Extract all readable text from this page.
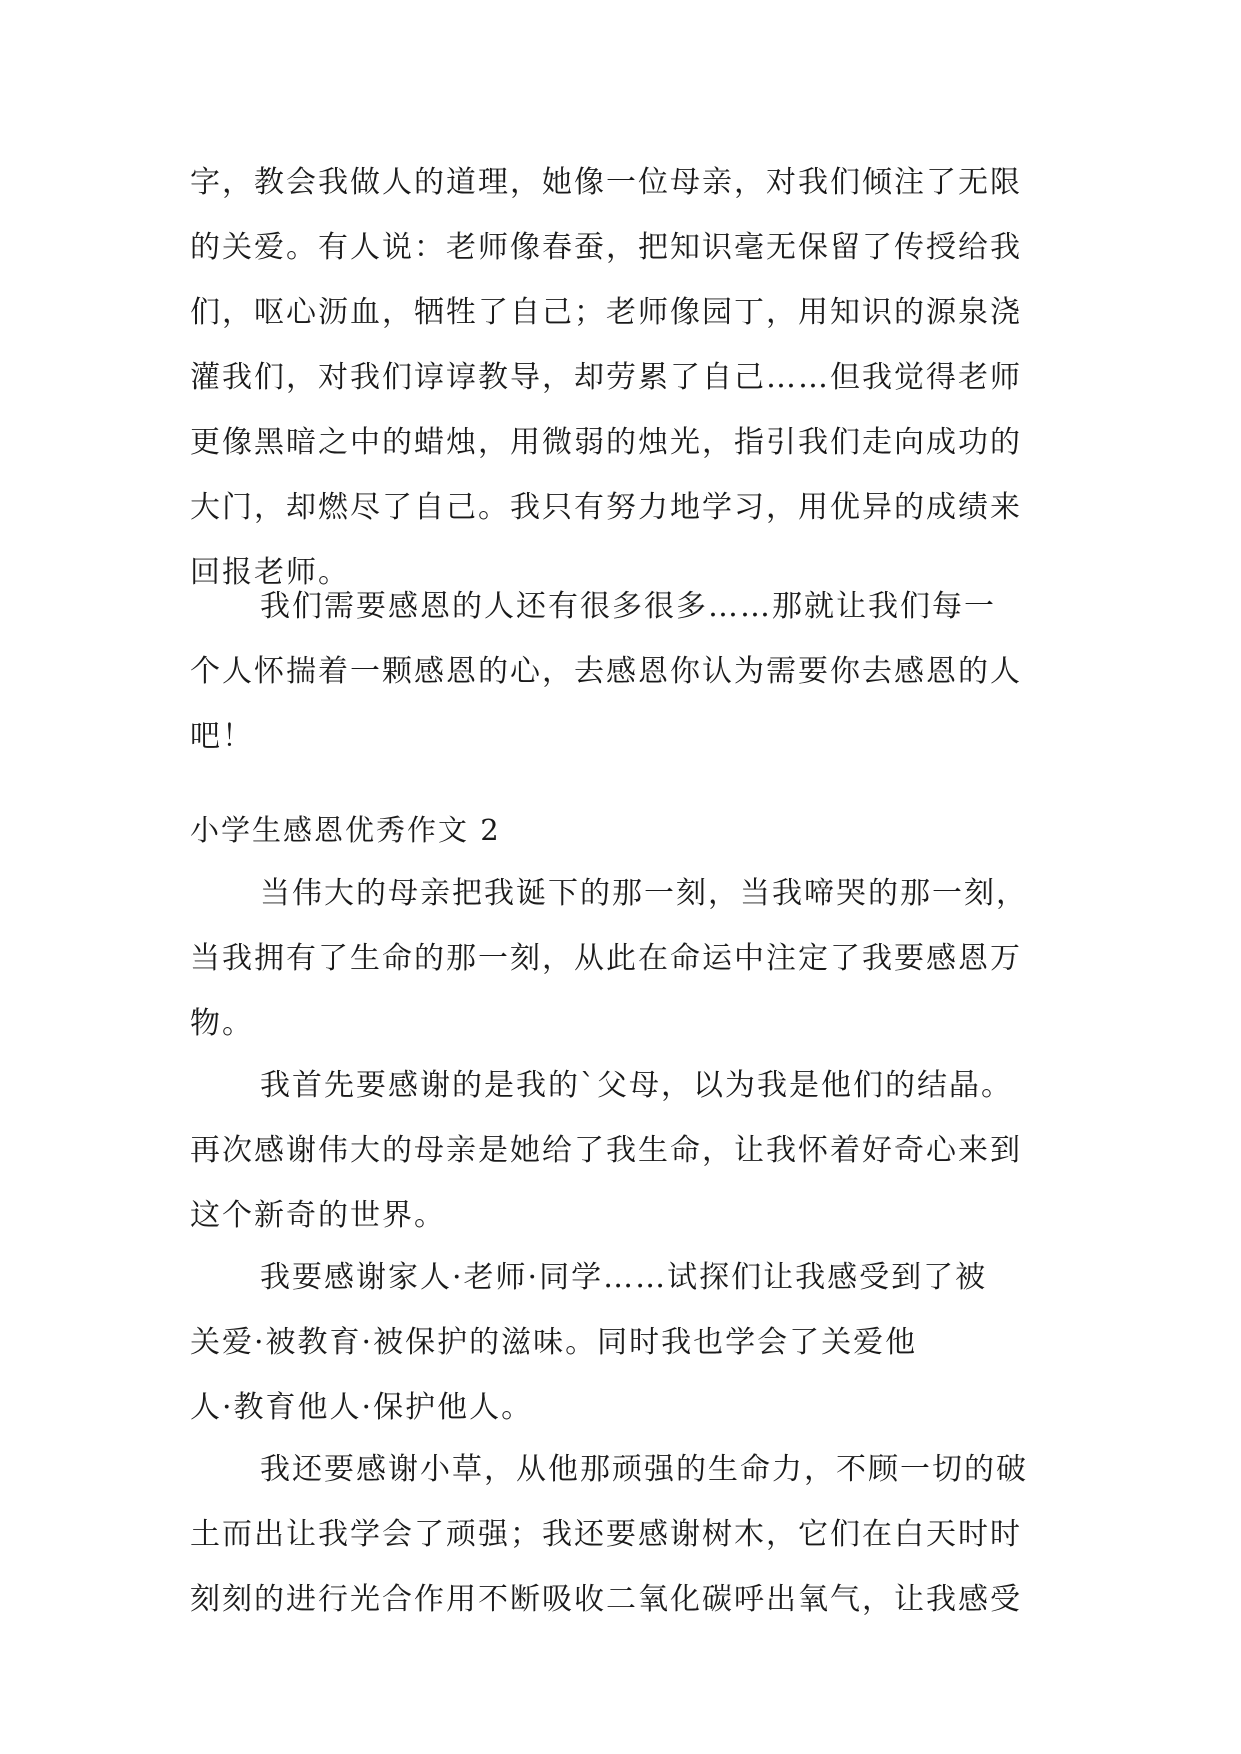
字，教会我做人的道理，她像一位母亲，对我们倾注了无限
的关爱。有人说：老师像春蚕，把知识毫无保留了传授给我
们，呕心沥血，牺牲了自己；老师像园丁，用知识的源泉浇
灌我们，对我们谆谆教导，却劳累了自己……但我觉得老师
更像黑暗之中的蜡烛，用微弱的烛光，指引我们走向成功的
大门，却燃尽了自己。我只有努力地学习，用优异的成绩来
回报老师。

我们需要感恩的人还有很多很多……那就让我们每一
个人怀揣着一颗感恩的心，去感恩你认为需要你去感恩的人
吧！

小学生感恩优秀作文 2

当伟大的母亲把我诞下的那一刻，当我啼哭的那一刻，
当我拥有了生命的那一刻，从此在命运中注定了我要感恩万
物。

我首先要感谢的是我的`父母，以为我是他们的结晶。
再次感谢伟大的母亲是她给了我生命，让我怀着好奇心来到
这个新奇的世界。

我要感谢家人·老师·同学……试探们让我感受到了被
关爱·被教育·被保护的滋味。同时我也学会了关爱他
人·教育他人·保护他人。

我还要感谢小草，从他那顽强的生命力，不顾一切的破
土而出让我学会了顽强；我还要感谢树木，它们在白天时时
刻刻的进行光合作用不断吸收二氧化碳呼出氧气，让我感受
